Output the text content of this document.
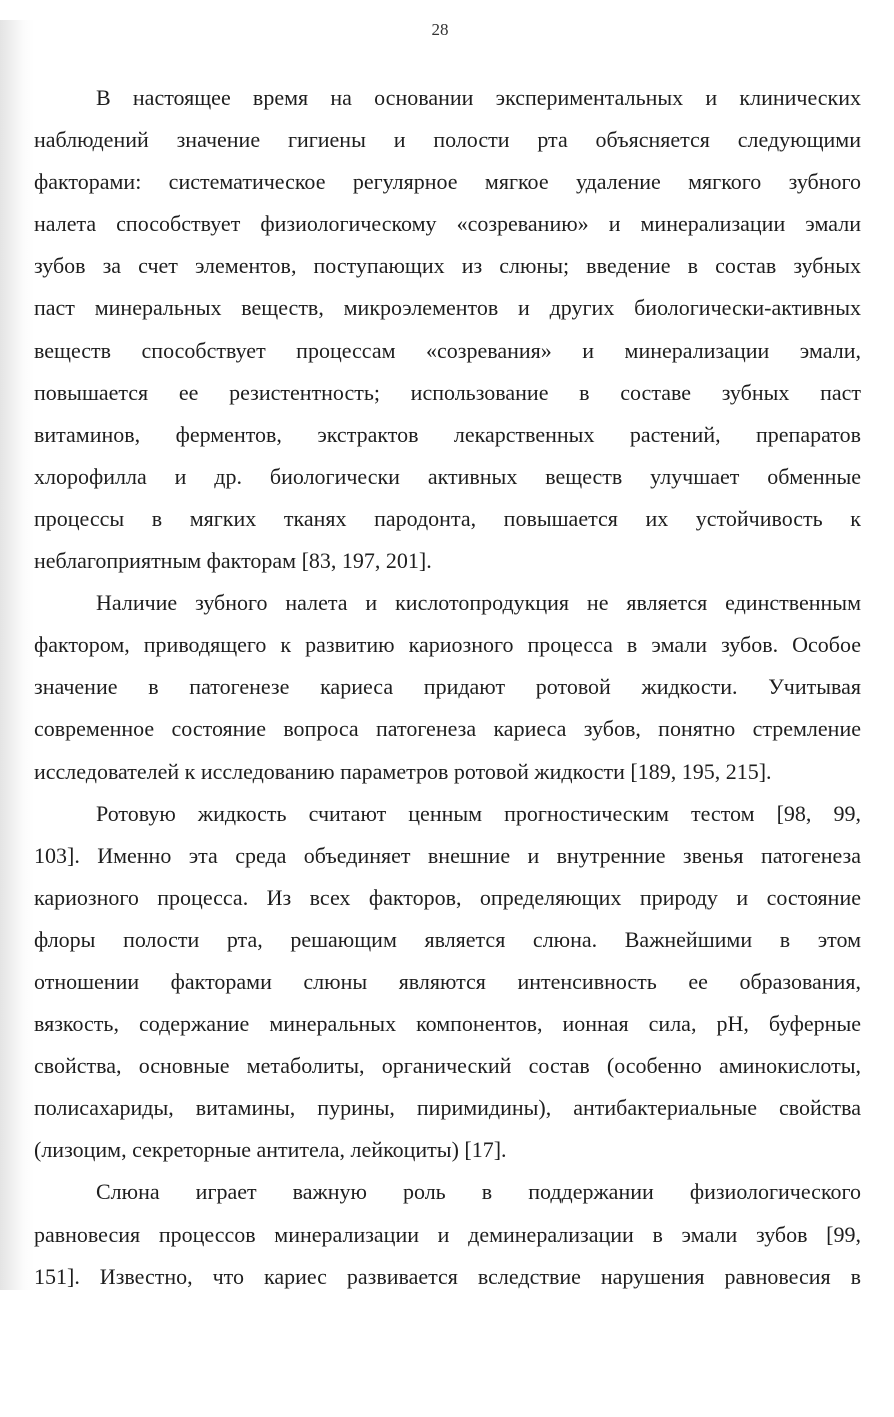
28

В настоящее время на основании экспериментальных и клинических
наблюдений значение гигиены и полости рта объясняется следующими
факторами: систематическое регулярное мягкое удаление мягкого зубного
налета способствует физиологическому «созреванию» и минерализации эмали
зубов за счет элементов, поступающих из слюны; введение в состав зубных
паст минеральных веществ, микроэлементов и других биологически-активных
веществ способствует процессам «созревания» и минерализации эмали,
повышается ее резистентность; использование в составе зубных паст
витаминов, ферментов, экстрактов лекарственных растений, препаратов
хлорофилла и др. биологически активных веществ улучшает обменные
процессы в мягких тканях пародонта, повышается их устойчивость к
неблагоприятным факторам [83, 197, 201].

Наличие зубного налета и кислотопродукция не является единственным
фактором, приводящего к развитию кариозного процесса в эмали зубов. Особое
значение в патогенезе кариеса придают ротовой жидкости. Учитывая
современное состояние вопроса патогенеза кариеса зубов, понятно стремление
исследователей к исследованию параметров ротовой жидкости [189, 195, 215].

Ротовую жидкость считают ценным прогностическим тестом [98, 99,
103]. Именно эта среда объединяет внешние и внутренние звенья патогенеза
кариозного процесса. Из всех факторов, определяющих природу и состояние
флоры полости рта, решающим является слюна. Важнейшими в этом
отношении факторами слюны являются интенсивность ее образования,
вязкость, содержание минеральных компонентов, ионная сила, рН, буферные
свойства, основные метаболиты, органический состав (особенно аминокислоты,
полисахариды, витамины, пурины, пиримидины), антибактериальные свойства
(лизоцим, секреторные антитела, лейкоциты) [17].

Слюна играет важную роль в поддержании физиологического
равновесия процессов минерализации и деминерализации в эмали зубов [99,
151]. Известно, что кариес развивается вследствие нарушения равновесия в
